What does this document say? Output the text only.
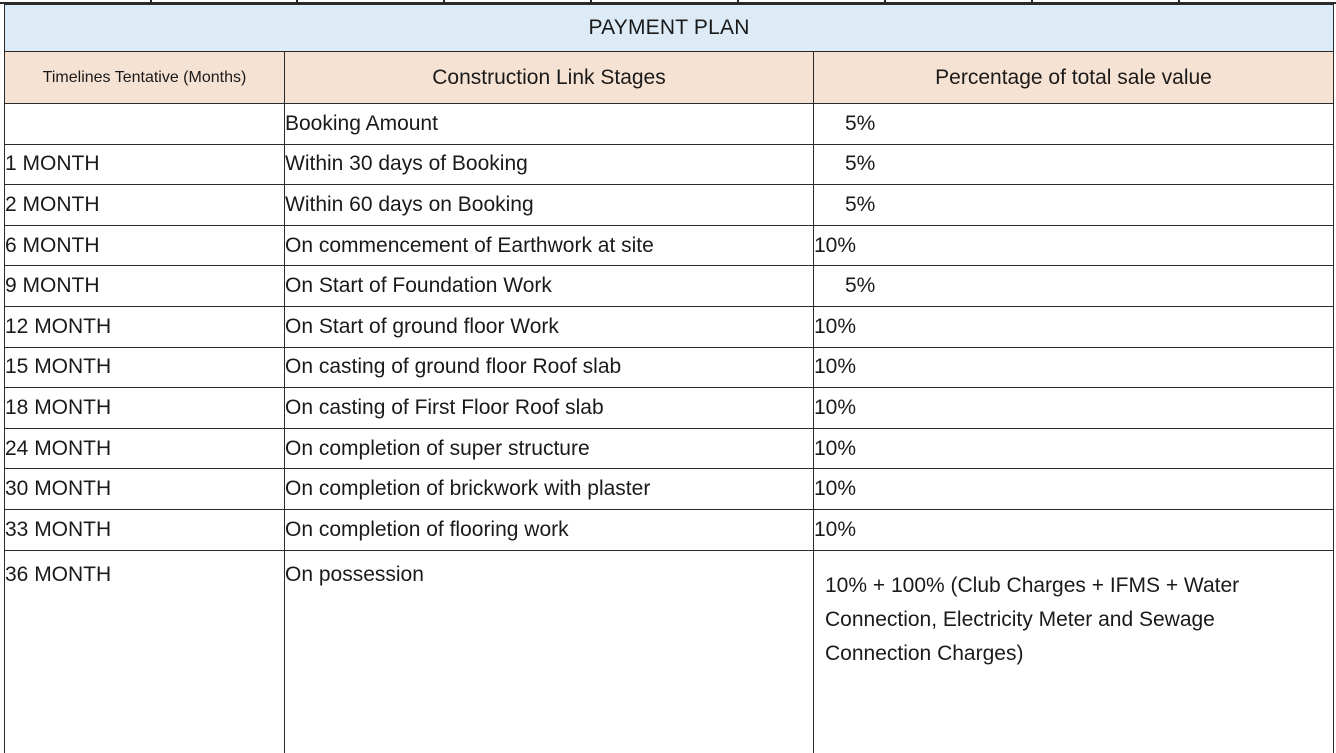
PAYMENT PLAN		
Timelines Tentative (Months)	Construction Link Stages	Percentage of total sale value
	Booking Amount	5%
1 MONTH	Within 30 days of Booking	5%
2 MONTH	Within 60 days on Booking	5%
6 MONTH	On commencement of Earthwork at site	10%
9 MONTH	On Start of Foundation Work	5%
12 MONTH	On Start of ground floor Work	10%
15 MONTH	On casting of ground floor Roof slab	10%
18 MONTH	On casting of First Floor Roof slab	10%
24 MONTH	On completion of super structure	10%
30 MONTH	On completion of brickwork with plaster	10%
33 MONTH	On completion of flooring work	10%
36 MONTH	On possession	10% + 100% (Club Charges + IFMS + Water Connection, Electricity Meter and Sewage Connection Charges)
